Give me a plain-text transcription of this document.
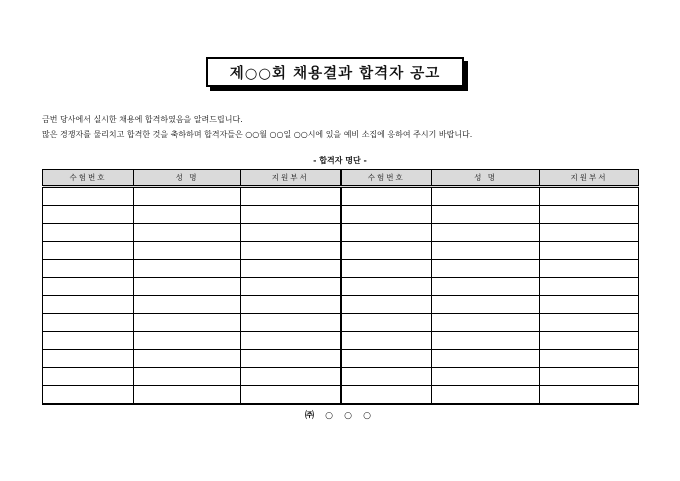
제○○회 채용결과 합격자 공고
금번 당사에서 실시한 채용에 합격하였음을 알려드립니다.
많은 경쟁자를 물리치고 합격한 것을 축하하며 합격자들은 ○○월 ○○일 ○○시에 있을 예비 소집에 응하여 주시기 바랍니다.
- 합격자 명단 -
수험번호	성 명	지원부서	수험번호	성 명	지원부서

㈜ ○ ○ ○
